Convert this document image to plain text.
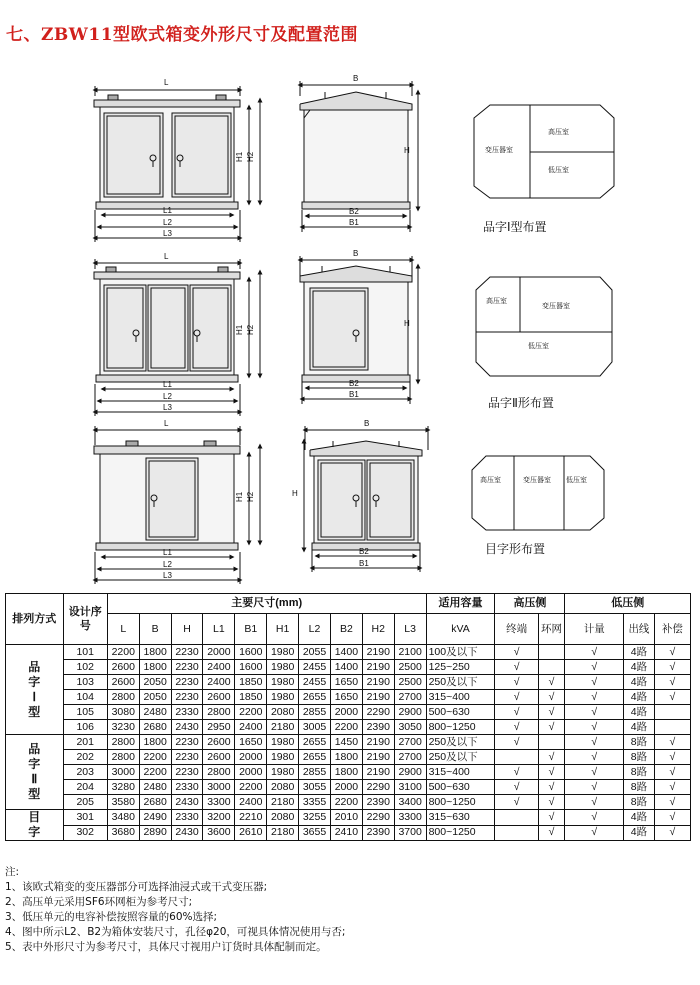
七、ZBW11型欧式箱变外形尺寸及配置范围
L
L1
L2
L3
H1 H2
B
B2
B1
H	变压器室
高压室
低压室
L
L1
L2
L3
H1 H2
B
B2
B1
H
高压室
变压器室
低压室
L
L1
L2
L3
H1 H2
B
B2
B1
H
高压室	变压器室 低压室
品字Ⅰ型布置
品字Ⅱ形布置
目字形布置
排列方式	设计序号	主要尺寸(mm)										适用容量	高压侧		低压侧		
		L	B	H	L1	B1	H1	L2	B2	H2	L3	kVA	终端	环网	计量	出线	补偿
品字Ⅰ型	101	2200	1800	2230	2000	1600	1980	2055	1400	2190	2100	100及以下	√		√	4路	√
	102	2600	1800	2230	2400	1600	1980	2455	1400	2190	2500	125~250	√		√	4路	√
	103	2600	2050	2230	2400	1850	1980	2455	1650	2190	2500	250及以下	√	√	√	4路	√
	104	2800	2050	2230	2600	1850	1980	2655	1650	2190	2700	315~400	√	√	√	4路	√
	105	3080	2480	2330	2800	2200	2080	2855	2000	2290	2900	500~630	√	√	√	4路	
	106	3230	2680	2430	2950	2400	2180	3005	2200	2390	3050	800~1250	√	√	√	4路	
品字Ⅱ型	201	2800	1800	2230	2600	1650	1980	2655	1450	2190	2700	250及以下	√		√	8路	√
	202	2800	2200	2230	2600	2000	1980	2655	1800	2190	2700	250及以下		√	√	8路	√
	203	3000	2200	2230	2800	2000	1980	2855	1800	2190	2900	315~400	√	√	√	8路	√
	204	3280	2480	2330	3000	2200	2080	3055	2000	2290	3100	500~630	√	√	√	8路	√
	205	3580	2680	2430	3300	2400	2180	3355	2200	2390	3400	800~1250	√	√	√	8路	√
目字	301	3480	2490	2330	3200	2210	2080	3255	2010	2290	3300	315~630		√	√	4路	√
	302	3680	2890	2430	3600	2610	2180	3655	2410	2390	3700	800~1250		√	√	4路	√
注:
1、该欧式箱变的变压器部分可选择油浸式或干式变压器;
2、高压单元采用SF6环网柜为参考尺寸;
3、低压单元的电容补偿按照容量的60%选择;
4、图中所示L2、B2为箱体安装尺寸，孔径φ20，可视具体情况使用与否;
5、表中外形尺寸为参考尺寸，具体尺寸视用户订货时具体配制而定。
